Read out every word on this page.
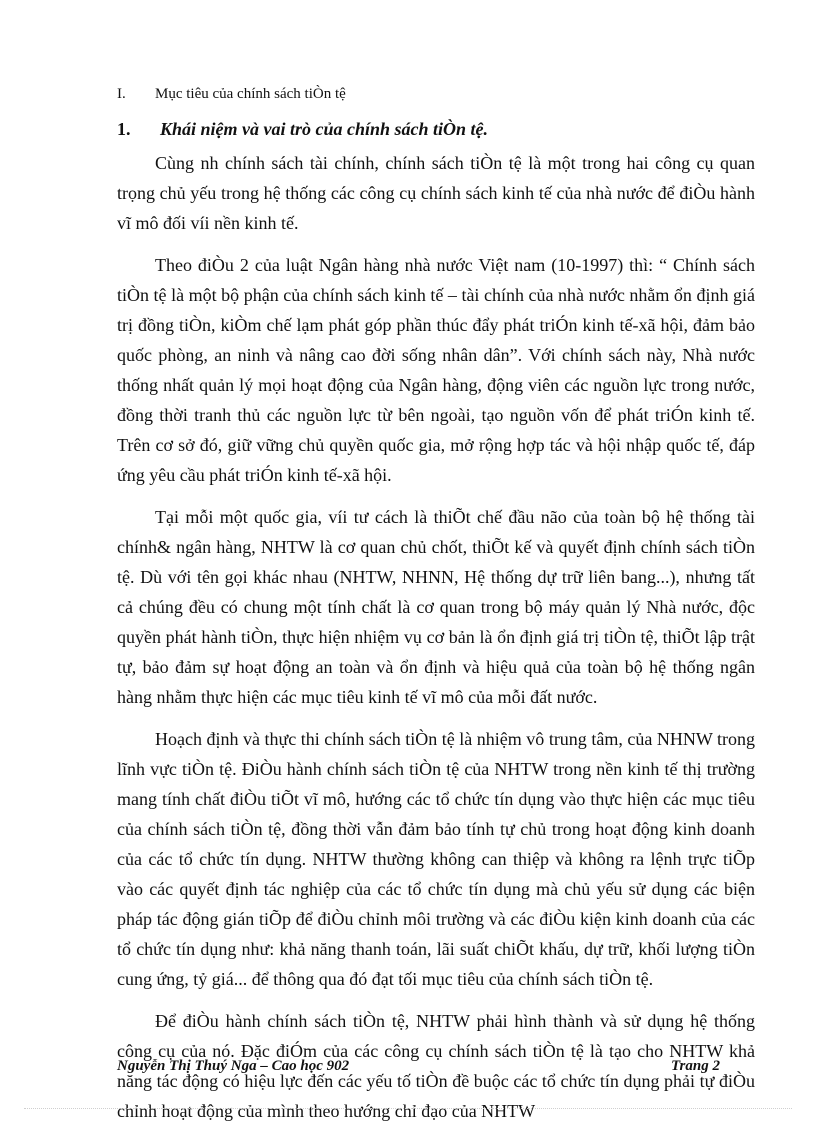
I.	Mục tiêu của chính sách tiÒn tệ
1.	Khái niệm và vai trò của chính sách tiÒn tệ.

Cùng nh chính sách tài chính, chính sách tiÒn tệ là một trong hai công cụ quan trọng chủ yếu trong hệ thống các công cụ chính sách kinh tế của nhà nước để điÒu hành vĩ mô đối víi nền kinh tế.

Theo điÒu 2 của luật Ngân hàng nhà nước Việt nam (10-1997) thì: “ Chính sách tiÒn tệ là một bộ phận của chính sách kinh tế – tài chính của nhà nước nhằm ổn định giá trị đồng tiÒn, kiÒm chế lạm phát góp phần thúc đẩy phát triÓn kinh tế-xã hội, đảm bảo quốc phòng, an ninh và nâng cao đời sống nhân dân”. Với chính sách này, Nhà nước thống nhất quản lý mọi hoạt động của Ngân hàng, động viên các nguồn lực trong nước, đồng thời tranh thủ các nguồn lực từ bên ngoài, tạo nguồn vốn để phát triÓn kinh tế. Trên cơ sở đó, giữ vững chủ quyền quốc gia, mở rộng hợp tác và hội nhập quốc tế, đáp ứng yêu cầu phát triÓn kinh tế-xã hội.

Tại mỗi một quốc gia, víi tư cách là thiÕt chế đầu não của toàn bộ hệ thống tài chính& ngân hàng, NHTW là cơ quan chủ chốt, thiÕt kế và quyết định chính sách tiÒn tệ. Dù với tên gọi khác nhau (NHTW, NHNN, Hệ thống dự trữ liên bang...), nhưng tất cả chúng đều có chung một tính chất là cơ quan trong bộ máy quản lý Nhà nước, độc quyền phát hành tiÒn, thực hiện nhiệm vụ cơ bản là ổn định giá trị tiÒn tệ, thiÕt lập trật tự, bảo đảm sự hoạt động an toàn và ổn định và hiệu quả của toàn bộ hệ thống ngân hàng nhằm thực hiện các mục tiêu kinh tế vĩ mô của mỗi đất nước.

Hoạch định và thực thi chính sách tiÒn tệ là nhiệm vô trung tâm, của NHNW trong lĩnh vực tiÒn tệ. ĐiÒu hành chính sách tiÒn tệ của NHTW trong nền kinh tế thị trường mang tính chất điÒu tiÕt vĩ mô, hướng các tổ chức tín dụng vào thực hiện các mục tiêu của chính sách tiÒn tệ, đồng thời vẫn đảm bảo tính tự chủ trong hoạt động kinh doanh của các tổ chức tín dụng. NHTW thường không can thiệp và không ra lệnh trực tiÕp vào các quyết định tác nghiệp của các tổ chức tín dụng mà chủ yếu sử dụng các biện pháp tác động gián tiÕp để điÒu chỉnh môi trường và các điÒu kiện kinh doanh của các tổ chức tín dụng như: khả năng thanh toán, lãi suất chiÕt khấu, dự trữ, khối lượng tiÒn cung ứng, tỷ giá... để thông qua đó đạt tối mục tiêu của chính sách tiÒn tệ.

Để điÒu hành chính sách tiÒn tệ, NHTW phải hình thành và sử dụng hệ thống công cụ của nó. Đặc điÓm của các công cụ chính sách tiÒn tệ là tạo cho NHTW khả năng tác động có hiệu lực đến các yếu tố tiÒn đề buộc các tổ chức tín dụng phải tự điÒu chỉnh hoạt động của mình theo hướng chỉ đạo của NHTW

Nguyễn Thị Thuý Nga – Cao học 902	Trang 2
